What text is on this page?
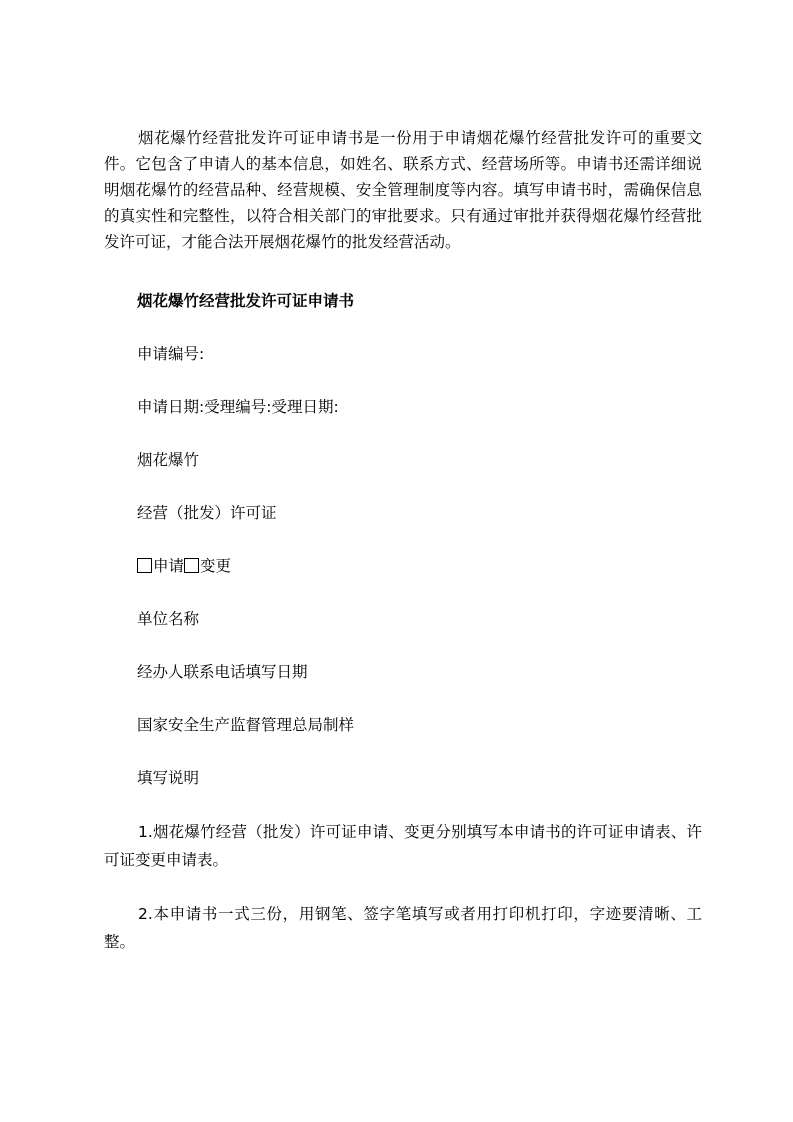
烟花爆竹经营批发许可证申请书是一份用于申请烟花爆竹经营批发许可的重要文件。它包含了申请人的基本信息，如姓名、联系方式、经营场所等。申请书还需详细说明烟花爆竹的经营品种、经营规模、安全管理制度等内容。填写申请书时，需确保信息的真实性和完整性，以符合相关部门的审批要求。只有通过审批并获得烟花爆竹经营批发许可证，才能合法开展烟花爆竹的批发经营活动。

烟花爆竹经营批发许可证申请书

申请编号:

申请日期:受理编号:受理日期:

烟花爆竹

经营（批发）许可证

申请 变更

单位名称

经办人联系电话填写日期

国家安全生产监督管理总局制样

填写说明

1.烟花爆竹经营（批发）许可证申请、变更分别填写本申请书的许可证申请表、许可证变更申请表。

2.本申请书一式三份，用钢笔、签字笔填写或者用打印机打印，字迹要清晰、工整。
